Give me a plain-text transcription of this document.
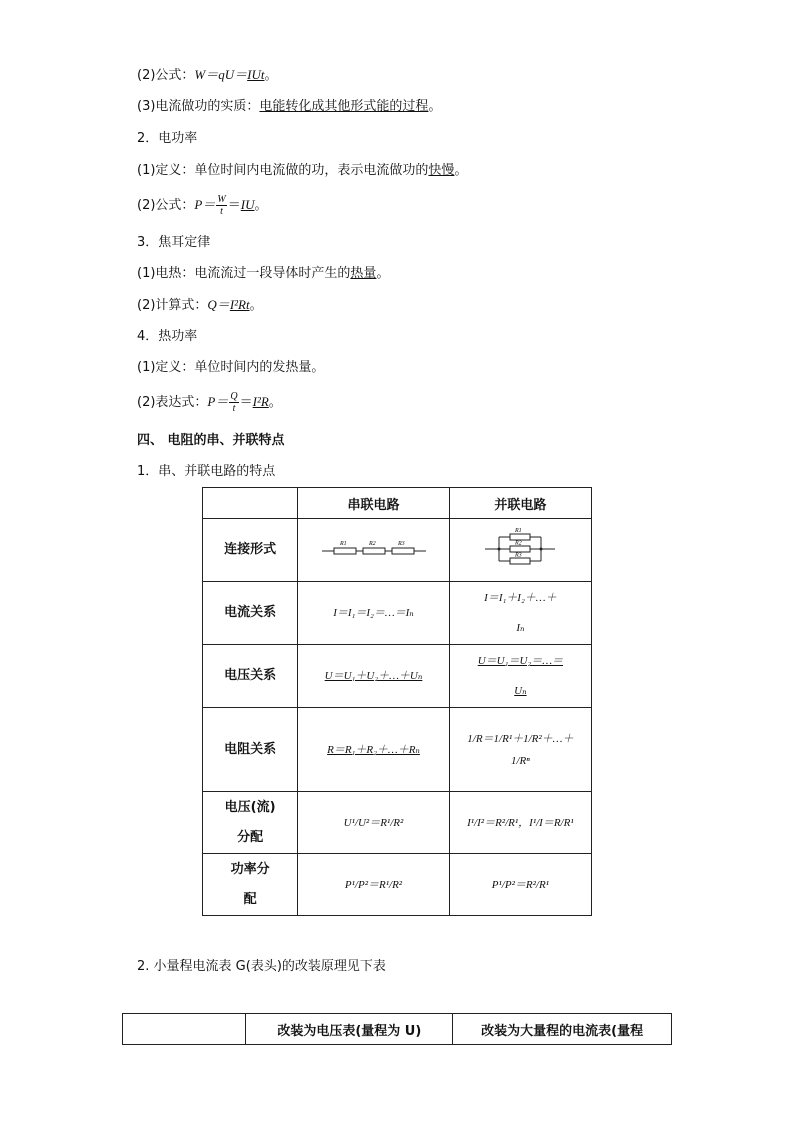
(2)公式：W＝qU＝IUt。
(3)电流做功的实质：电能转化成其他形式能的过程。
2．电功率
(1)定义：单位时间内电流做的功，表示电流做功的快慢。
(2)公式：$P= \frac{W}{t} =IU$。
3．焦耳定律
(1)电热：电流流过一段导体时产生的热量。
(2)计算式：Q＝I²Rt。
4．热功率
(1)定义：单位时间内的发热量。
(2)表达式：$P= \frac{Q}{t} =I^2R$。
四、 电阻的串、并联特点
1．串、并联电路的特点
	串联电路	并联电路
连接形式	R1 R2 R3	R1
R2
R3

电流关系	I＝I₁＝I₂＝…＝Iₙ	I＝I₁＋I₂＋…＋
Iₙ

电压关系	U＝U₁＋U₂＋…＋Uₙ	U＝U₁＝U₂＝…＝
Uₙ

电阻关系	R＝R₁＋R₂＋…＋Rₙ	1/R＝1/R¹＋1/R²＋…＋
1/Rⁿ

电压(流)
分配	U¹/U²＝R¹/R²	I¹/I²＝R²/R¹，I¹/I＝R/R¹

功率分
配	P¹/P²＝R¹/R²	P¹/P²＝R²/R¹
2. 小量程电流表 G(表头)的改装原理见下表
	改装为电压表(量程为 U)	改装为大量程的电流表(量程
